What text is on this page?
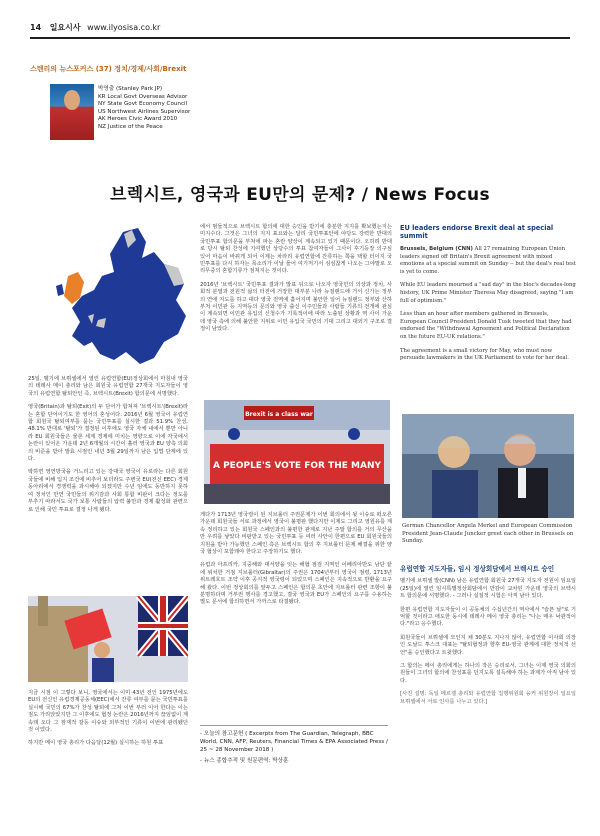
14 일요시사 www.ilyosisa.co.kr
스텐리의 뉴스포커스 (37) 정치/경제/사회/Brexit
박영출 (Stanley Park JP)
KR Local Govt Overseas Advisor
NY State Govt Economy Council
US Northwest Airlines Supervisor
AK Heroes Civic Award 2010
NZ Justice of the Peace
브렉시트, 영국과 EU만의 문제? / News Focus

25일, 벨기에 브뤼셀에서 열린 유럽연합(EU)정상회에서 마침내 영국의 테레사 메이 총리와 남은 회원국 유럽연합 27개국 지도자들이 영국의 유럽연합 탈퇴안인 즉, 브렉시트(Brexit) 합의문에 서명했다.

영국(Britain)과 탈퇴(Exit)의 두 단어가 합쳐져 '브렉시트'(Brexit)라는 혼합 단어이기도 한 영어의 혼성어다. 2016년 6월 영국이 유럽연합 회원국 탈퇴여부를 묻는 국민투표를 실시한 결과 51.9% 찬성, 48.1% 반대로 '탈퇴'가 결정된 이후에도 영국 자체 내에서 뿐만 아니라 EU 회원국들은 물론 세계 경제에 미치는 영향으로 이에 각국에서 논란이 있어온 가운데 2년 6개월의 시간이 흘러 영국과 EU 양측 의회의 비준을 받아 발효 시점인 내년 3월 29일까지 남은 입법 단계에 있다.

딱하면 영연방국을 거느리고 있는 강대국 영국이 유로라는 다른 회원국들에 비해 입지 조건에 비추어 보더라도 주변국 EU(전신 EEC) 경제 동아리에서 경쟁력을 과시해야 되겠지만 수년 임에도 동반하지 못하여 정치인 만연 국민들의 위기감과 사회 통합 비판이 크다는 정도를 부추기 따라서도 국가 보통 사람들의 압력 불만과 경제 활성화 관련으로 인해 국민 투표로 결정 나게 됐다.

지금 시점 이 그렇다 보니, 영국에서는 이미 43년 전인 1975년에도 EU의 전신인 유럽경제공동체(EEC)에서 잔류 여부를 묻는 국민투표를 실시해 국민의 67%가 찬성 탈퇴에 그쳐 이번 부러 이어 한다는 이는 점도 가리앉았지만 그 이후에도 협정 논란은 2016년까지 끊임없이 계속돼 오다 그 잠재적 갈등 이슈와 외부적인 기류이 이번에 관리됐던 것 이었다.

하지만 메이 영국 총리가 다음달(12월) 실시하는 하원 투표

에서 범들적으로 브렉시트 합의에 대한 승인을 받기에 충분한 지지를 확보했는지는 미지수다. 그것은 그녀의 지지 표요와는 달리 국민투표안에 야당도 강력한 반대의 국민투표 합의문을 부쳐에 파는 혼란 양상이 계속되고 있기 때문이다. 오히려 반대로 당시 탈퇴 찬성에 기여했던 상당수의 투표 참여자들이 그사이 후기등장 의구심 있어 마음이 바뀌게 되어 이제는 차라리 유럽연합에 잔류하는 쪽을 택할 터이지 국민투표를 다시 하자는 목소리가 이날 들어 여기저기서 심심찮게 나오는 그야말로 오리무중의 혼합기류가 점쳐지는 것이다.

2016년 '브렉시트' 국민투표 결과가 발표 뒤으로 나오자 영국민의 의상과 정치, 사회적 분열과 전원적 삶의 터전에 거장한 대부분 나라 뉴질랜드에 거서 신가는 정부의 연애 지도를 하고 대다 영국 전역에 흩어지며 불안한 일어 뉴질랜드 정부와 산하부처 이민관 등 지역등의 문의와 영국 출신 이주민들과 사람들 기류의 전개에 관심이 계속되면 이민관 유입의 신청수가 기록적이에 따라 노출된 상황과 역 사이 가운데 영국 측에 의해 불안한 지위로 이민 유입국 국민의 기대 그리고 대외기 구조로 결정이 남았다.

Brexit is a class war
A PEOPLE'S VOTE FOR THE MANY

게다가 1713년 영국령이 된 지브롤터 주권문제가 이번 회의에서 뒷 이슈로 떠오른 가운데 회원국들 서로 과정에서 영국이 불평판 했다지만 이제도 그리고 영원유를 계속 정리하고 있는 회원국 스페인과의 불편한 관계로 지난 주말 합의를 거의 무산을 만 우려를 낳았다 비판받고 있는 국민투표 등 여러 사안이 한편으로 EU 회원국들의 지원을 받아 가능했던 스페인 측은 브렉시트 합의 후 지브롤터 문제 해결을 위한 양국 협상이 포함돼야 한다고 주장하기도 했다.

유럽과 아프리카, 지중해와 대서양을 잇는 해협 점검 지역인 이베리아반도 남단 끝에 위치한 거점 지브롤터(Gibraltar)의 주권은 1704년부터 영국이 점령, 1713년 위트레흐트 조약 이후 공식적 영국령이 되었으며 스페인은 지속적으로 반환을 요구해 왔다. 이번 정상회의를 앞두고 스페인은 합의문 초안에 지브롤터 관련 조항이 불분명하다며 거부권 행사를 경고했고, 결국 영국과 EU가 스페인의 요구를 수용하는 별도 문서에 합의하면서 가까스로 타결됐다.

- 오늘의 참고문헌 ( Excerpts from The Guardian, Telegraph, BBC World, CNN, AFP, Reuters, Financial Times & EPA Associated Press / 25 ~ 28 November 2018 )
- 뉴스 종합추적 및 원문편역: 박상훈
EU leaders endorse Brexit deal at special summit

Brussels, Belgium (CNN) All 27 remaining European Union leaders signed off Britain's Brexit agreement with mixed emotions at a special summit on Sunday -- but the deal's real test is yet to come.

While EU leaders mourned a "sad day" in the bloc's decades-long history, UK Prime Minister Theresa May disagreed, saying "I am full of optimism."

Less than an hour after members gathered in Brussels, European Council President Donald Tusk tweeted that they had endorsed the "Withdrawal Agreement and Political Declaration on the future EU-UK relations."

The agreement is a small victory for May, who must now persuade lawmakers in the UK Parliament to vote for her deal.

German Chancellor Angela Merkel and European Commission President Jean-Claude Juncker greet each other in Brussels on Sunday.
유럽연합 지도자들, 임시 정상회담에서 브렉시트 승인

벨기에 브뤼셀 발(CNN) 남은 유럽연합 회원국 27개국 지도자 전원이 임요일(25일)에 열린 임시특별정상회담에서 만감이 교차된 가운데 영국의 브렉시트 합의문에 서명했다. - 그러나 실질적 시험은 아직 남아 있다.

한편 유럽연합 지도자들이 이 공동체의 수십년간의 역사에서 "슬픈 날"로 기억할 것이라고 애도한 동시에 테레사 메이 영국 총리는 "나는 매우 낙관적이다."라고 응수했다.

회원국들이 브뤼셀에 모인지 채 30분도 지나지 않아, 유럽연합 이사회 의장인 도날드 투스크 대표는 "탈퇴협정과 향후 EU-영국 관계에 대한 정치적 선언"을 승인했다고 트윗했다.

그 합의는 메이 총리에게는 하나의 작은 승리로서, 그녀는 이제 영국 의회의원들이 그녀의 합의에 찬성표를 던지도록 설득해야 하는 과제가 아직 남아 있다.

[사진 설명: 독일 메르켈 총리와 유럽연합 집행위원회 융커 위원장이 일요일 브뤼셀에서 서로 인사를 나누고 있다.]
